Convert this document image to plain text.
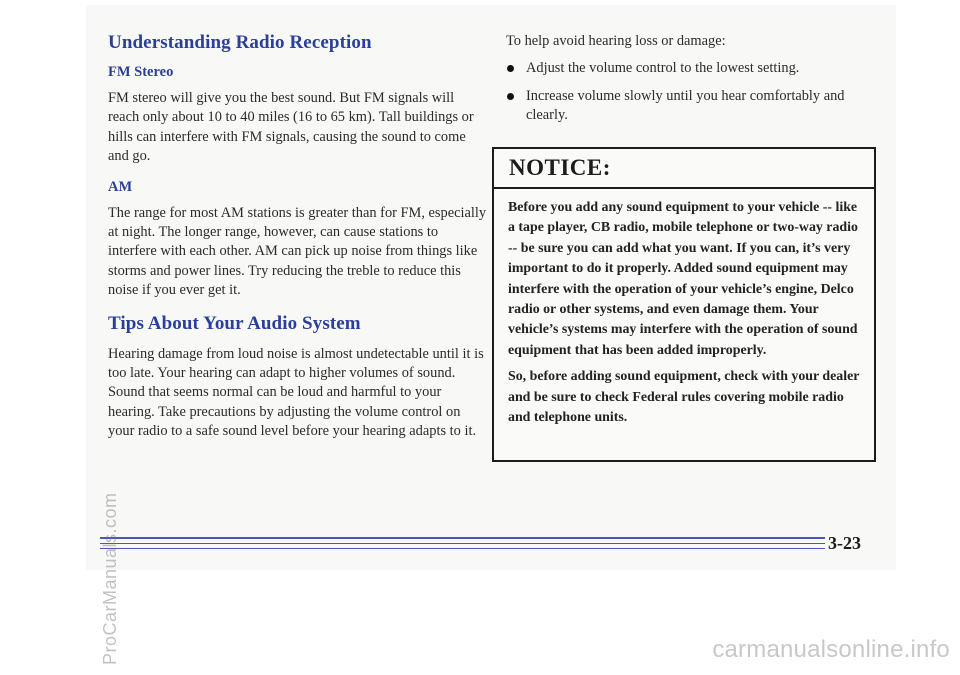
Understanding Radio Reception
FM Stereo

FM stereo will give you the best sound. But FM signals will reach only about 10 to 40 miles (16 to 65 km). Tall buildings or hills can interfere with FM signals, causing the sound to come and go.

AM

The range for most AM stations is greater than for FM, especially at night. The longer range, however, can cause stations to interfere with each other. AM can pick up noise from things like storms and power lines. Try reducing the treble to reduce this noise if you ever get it.

Tips About Your Audio System

Hearing damage from loud noise is almost undetectable until it is too late. Your hearing can adapt to higher volumes of sound. Sound that seems normal can be loud and harmful to your hearing. Take precautions by adjusting the volume control on your radio to a safe sound level before your hearing adapts to it.

To help avoid hearing loss or damage:

Adjust the volume control to the lowest setting.
Increase volume slowly until you hear comfortably and clearly.
NOTICE:

Before you add any sound equipment to your vehicle -- like a tape player, CB radio, mobile telephone or two-way radio -- be sure you can add what you want. If you can, it’s very important to do it properly. Added sound equipment may interfere with the operation of your vehicle’s engine, Delco radio or other systems, and even damage them. Your vehicle’s systems may interfere with the operation of sound equipment that has been added improperly.

So, before adding sound equipment, check with your dealer and be sure to check Federal rules covering mobile radio and telephone units.

3-23
ProCarManuals.com	carmanualsonline.info
